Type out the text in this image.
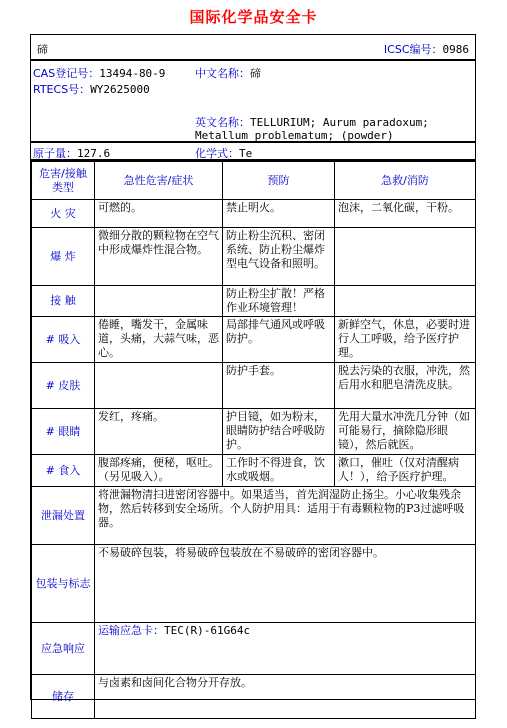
国际化学品安全卡
碲	ICSC编号：0986
CAS登记号：13494-80-9
RTECS号：WY2625000
中文名称：碲
英文名称：TELLURIUM; Aurum paradoxum;
Metallum problematum; (powder)
原子量：127.6	化学式：Te
危害/接触
类型	急性危害/症状	预防	急救/消防
火 灾	可燃的。	禁止明火。	泡沫，二氧化碳，干粉。
爆 炸	微细分散的颗粒物在空气中形成爆炸性混合物。	防止粉尘沉积、密闭系统、防止粉尘爆炸型电气设备和照明。	
接 触		防止粉尘扩散！严格作业环境管理！	
# 吸入	倦睡，嘴发干，金属味道，头痛，大蒜气味，恶心。	局部排气通风或呼吸防护。	新鲜空气，休息，必要时进行人工呼吸，给予医疗护理。
# 皮肤		防护手套。	脱去污染的衣服，冲洗，然后用水和肥皂清洗皮肤。
# 眼睛	发红，疼痛。	护目镜，如为粉末，眼睛防护结合呼吸防护。	先用大量水冲洗几分钟（如可能易行，摘除隐形眼镜），然后就医。
# 食入	腹部疼痛，便秘，呕吐。（另见吸入）。	工作时不得进食，饮水或吸烟。	漱口，催吐（仅对清醒病人！），给予医疗护理。
泄漏处置	将泄漏物清扫进密闭容器中。如果适当，首先润湿防止扬尘。小心收集残余物，然后转移到安全场所。个人防护用具：适用于有毒颗粒物的P3过滤呼吸器。		
包装与标志	不易破碎包装，将易破碎包装放在不易破碎的密闭容器中。		
应急响应	运输应急卡：TEC(R)-61G64c		
储存	与卤素和卤间化合物分开存放。		
